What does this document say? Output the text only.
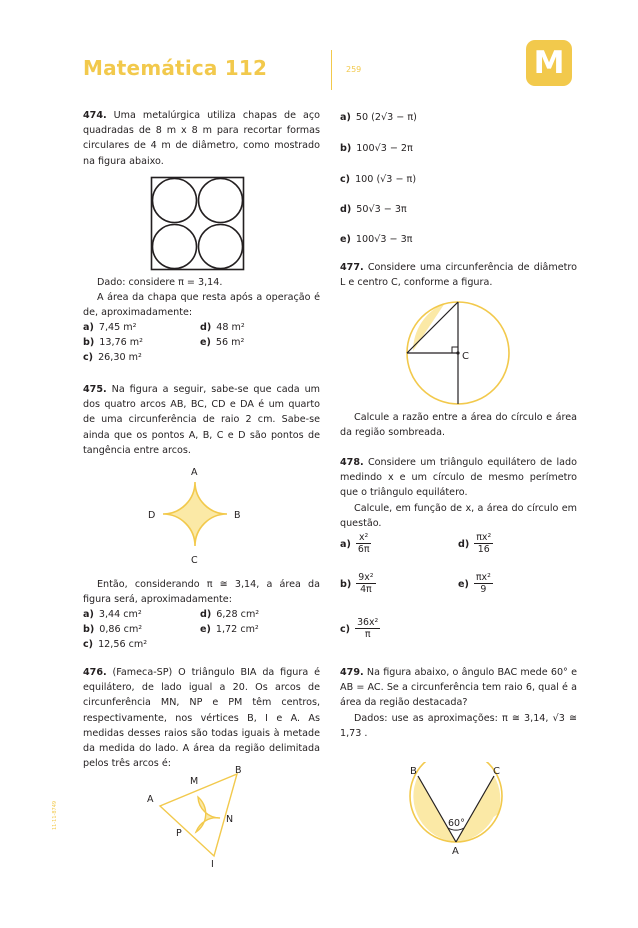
Matemática 112	259	M
11-11-8749

474. Uma metalúrgica utiliza chapas de aço quadradas de 8 m x 8 m para recortar formas circulares de 4 m de diâmetro, como mostrado na figura abaixo.

Dado: considere π = 3,14.

A área da chapa que resta após a operação é de, aproximadamente:

a) 7,45 m²
b) 13,76 m²
c) 26,30 m²
d) 48 m²
e) 56 m²

475. Na figura a seguir, sabe-se que cada um dos quatro arcos AB, BC, CD e DA é um quarto de uma circunferência de raio 2 cm. Sabe-se ainda que os pontos A, B, C e D são pontos de tangência entre arcos.

A
B
C
D

Então, considerando π ≅ 3,14, a área da figura será, aproximadamente:

a) 3,44 cm²
b) 0,86 cm²
c) 12,56 cm²
d) 6,28 cm²
e) 1,72 cm²

476. (Fameca-SP) O triângulo BIA da figura é equilátero, de lado igual a 20. Os arcos de circunferência MN, NP e PM têm centros, respectivamente, nos vértices B, I e A. As medidas desses raios são todas iguais à metade da medida do lado. A área da região delimitada pelos três arcos é:

B
A
I
M
N
P
a) 50 (2√3 − π)
b) 100√3 − 2π
c) 100 (√3 − π)
d) 50√3 − 3π
e) 100√3 − 3π

477. Considere uma circunferência de diâmetro L e centro C, conforme a figura.

C

Calcule a razão entre a área do círculo e área da região sombreada.

478. Considere um triângulo equilátero de lado medindo x e um círculo de mesmo perímetro que o triângulo equilátero.

Calcule, em função de x, a área do círculo em questão.

$a) \frac{\text{x²}}{6\pi}$
$b) \frac{\text{9x²}}{4\pi}$
$c) \frac{\text{36x²}}{\pi}$
$d) \frac{\text{πx²}}{16}$
$e) \frac{\text{πx²}}{9}$

479. Na figura abaixo, o ângulo BAC mede 60° e AB = AC. Se a circunferência tem raio 6, qual é a área da região destacada?

Dados: use as aproximações: π ≅ 3,14, √3 ≅ 1,73 .

B	C
A
60°
